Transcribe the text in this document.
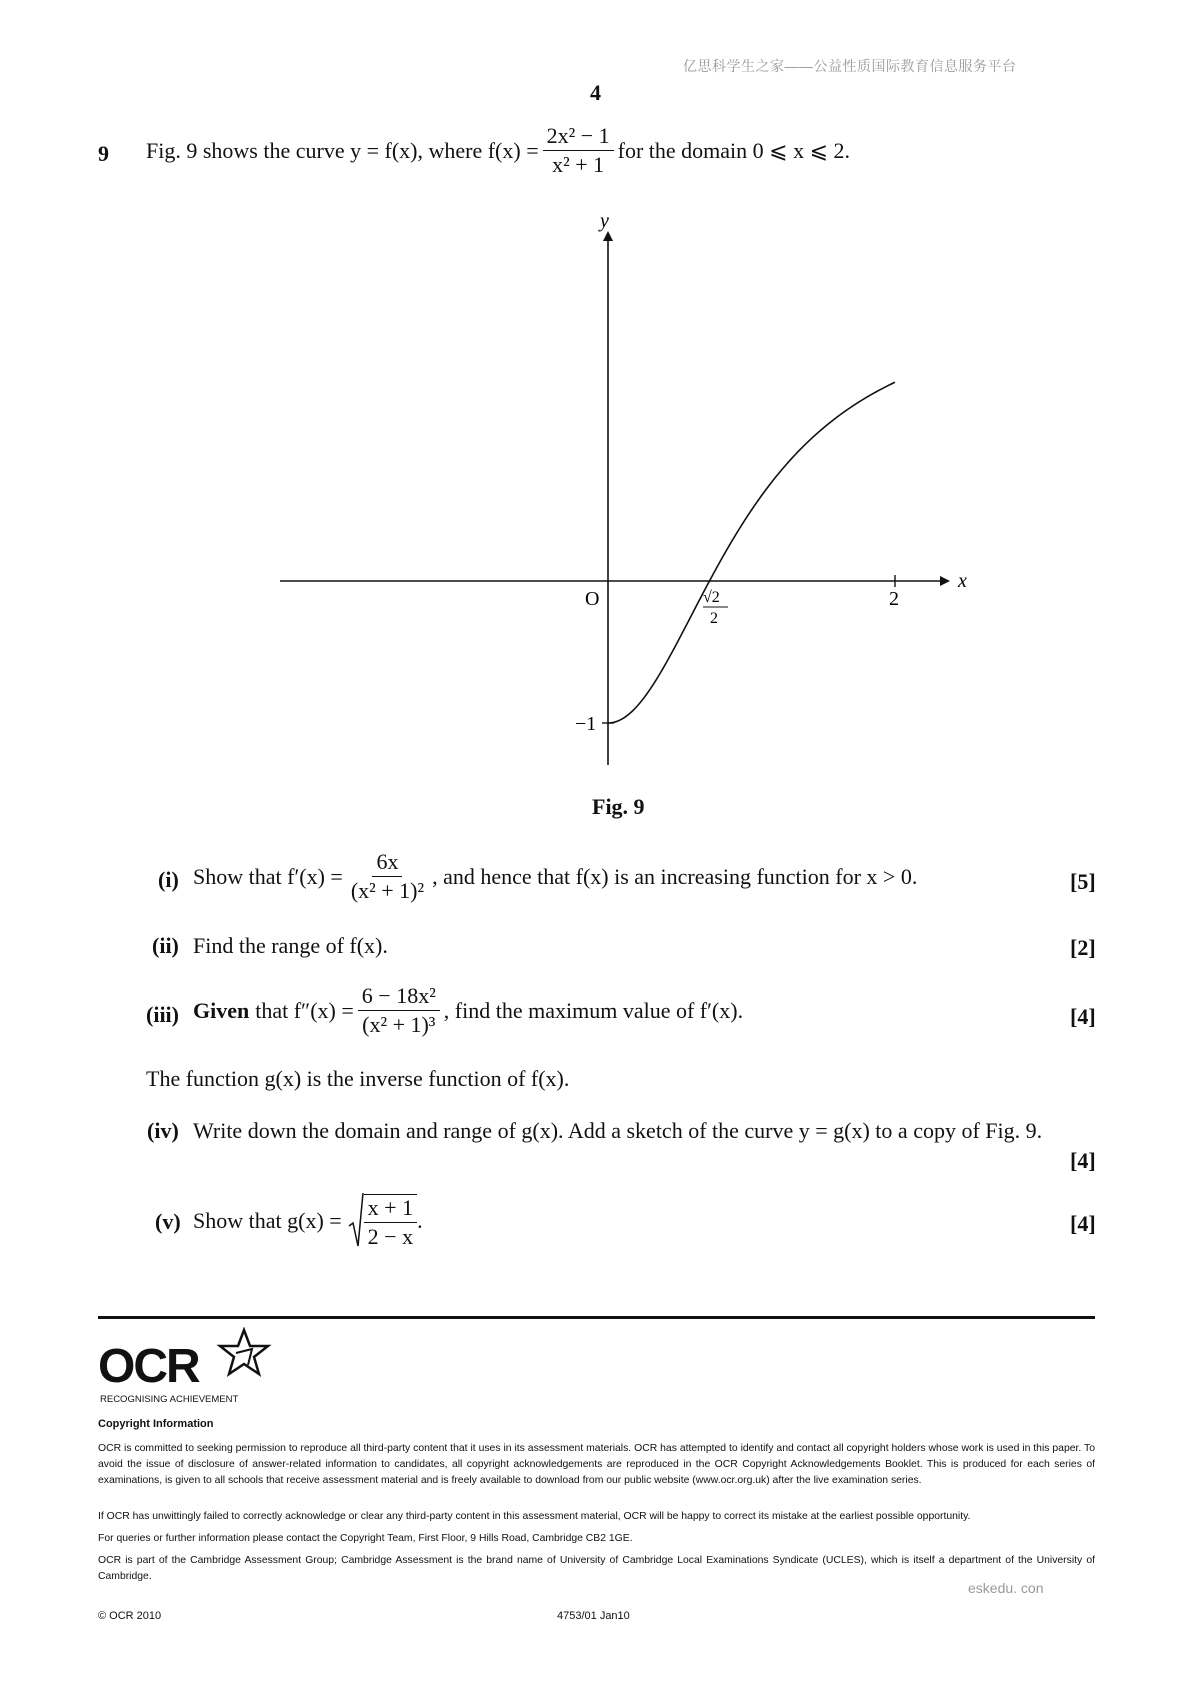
亿思科学生之家——公益性质国际教育信息服务平台
4
9 Fig. 9 shows the curve y = f(x), where $f(x) = \frac{\text{2x² − 1}}{\text{x² + 1}}$ for the domain 0 ⩽ x ⩽ 2.
y
x
O	2
−1
√2
2
Fig. 9
(i) Show that $f'(x) = \frac{6x}{\text{(x² + 1)²}}$ , and hence that f(x) is an increasing function for x > 0.	[5]
(ii) Find the range of f(x).	[2]
(iii) Given that $f''(x) = \frac{\text{6 − 18x²}}{\text{(x² + 1)³}}$ , find the maximum value of f′(x).	[4]
The function g(x) is the inverse function of f(x).
(iv) Write down the domain and range of g(x). Add a sketch of the curve y = g(x) to a copy of Fig. 9.
[4]
(v) Show that $g(x) = \frac{x + 1}{2 - x}$ .	[4]
OCR
RECOGNISING ACHIEVEMENT
Copyright Information
OCR is committed to seeking permission to reproduce all third-party content that it uses in its assessment materials. OCR has attempted to identify and contact all copyright holders whose work is used in this paper. To avoid the issue of disclosure of answer-related information to candidates, all copyright acknowledgements are reproduced in the OCR Copyright Acknowledgements Booklet. This is produced for each series of examinations, is given to all schools that receive assessment material and is freely available to download from our public website (www.ocr.org.uk) after the live examination series.
If OCR has unwittingly failed to correctly acknowledge or clear any third-party content in this assessment material, OCR will be happy to correct its mistake at the earliest possible opportunity.
For queries or further information please contact the Copyright Team, First Floor, 9 Hills Road, Cambridge CB2 1GE.
OCR is part of the Cambridge Assessment Group; Cambridge Assessment is the brand name of University of Cambridge Local Examinations Syndicate (UCLES), which is itself a department of the University of Cambridge.
eskedu. con
© OCR 2010	4753/01 Jan10
